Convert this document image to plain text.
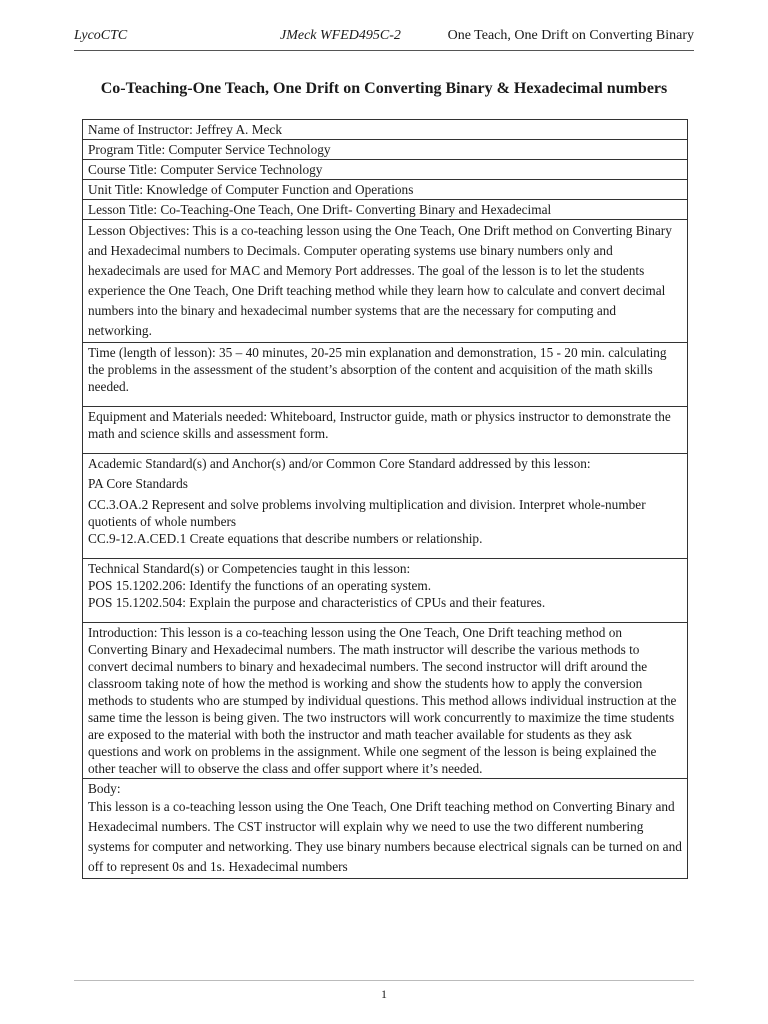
LycoCTC	JMeck WFED495C-2	One Teach, One Drift on Converting Binary
Co-Teaching-One Teach, One Drift on Converting Binary & Hexadecimal numbers
Name of Instructor: Jeffrey A. Meck
Program Title: Computer Service Technology
Course Title: Computer Service Technology
Unit Title: Knowledge of Computer Function and Operations
Lesson Title: Co-Teaching-One Teach, One Drift- Converting Binary and Hexadecimal

Lesson Objectives: This is a co-teaching lesson using the One Teach, One Drift method on Converting Binary and Hexadecimal numbers to Decimals. Computer operating systems use binary numbers only and hexadecimals are used for MAC and Memory Port addresses. The goal of the lesson is to let the students experience the One Teach, One Drift teaching method while they learn how to calculate and convert decimal numbers into the binary and hexadecimal number systems that are the necessary for computing and networking.

Time (length of lesson): 35 – 40 minutes, 20-25 min explanation and demonstration, 15 - 20 min. calculating the problems in the assessment of the student’s absorption of the content and acquisition of the math skills needed.

Equipment and Materials needed: Whiteboard, Instructor guide, math or physics instructor to demonstrate the math and science skills and assessment form.

Academic Standard(s) and Anchor(s) and/or Common Core Standard addressed by this lesson:

PA Core Standards

CC.3.OA.2 Represent and solve problems involving multiplication and division. Interpret whole-number quotients of whole numbers

CC.9-12.A.CED.1 Create equations that describe numbers or relationship.

Technical Standard(s) or Competencies taught in this lesson:

POS 15.1202.206: Identify the functions of an operating system.

POS 15.1202.504: Explain the purpose and characteristics of CPUs and their features.

Introduction: This lesson is a co-teaching lesson using the One Teach, One Drift teaching method on Converting Binary and Hexadecimal numbers. The math instructor will describe the various methods to convert decimal numbers to binary and hexadecimal numbers. The second instructor will drift around the classroom taking note of how the method is working and show the students how to apply the conversion methods to students who are stumped by individual questions. This method allows individual instruction at the same time the lesson is being given. The two instructors will work concurrently to maximize the time students are exposed to the material with both the instructor and math teacher available for students as they ask questions and work on problems in the assignment. While one segment of the lesson is being explained the other teacher will to observe the class and offer support where it’s needed.

Body:

This lesson is a co-teaching lesson using the One Teach, One Drift teaching method on Converting Binary and Hexadecimal numbers. The CST instructor will explain why we need to use the two different numbering systems for computer and networking. They use binary numbers because electrical signals can be turned on and off to represent 0s and 1s. Hexadecimal numbers

1
